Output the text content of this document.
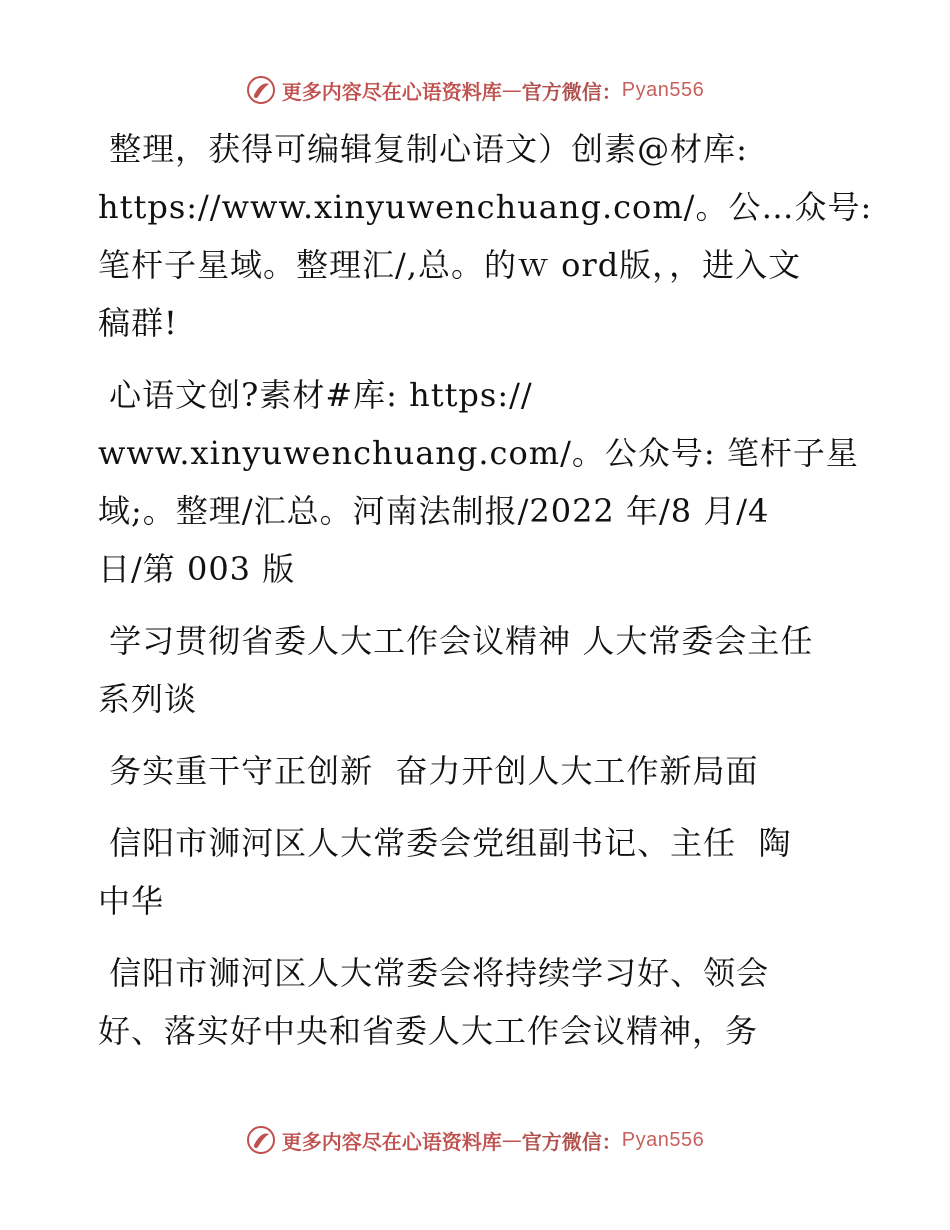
更多内容尽在心语资料库 — 官方微信： Pyan556

整理，获得可编辑复制心语文）创素@材库:
https://www.xinyuwenchuang.com/。公…众号:
笔杆子星域。整理汇/,总。的ｗ ord版，，进入文
稿群!

心语文创?素材#库: https://
www.xinyuwenchuang.com/。公众号: 笔杆子星
域;。整理/汇总。河南法制报/2022 年/8 月/4
日/第 003 版

学习贯彻省委人大工作会议精神 人大常委会主任
系列谈

务实重干守正创新  奋力开创人大工作新局面

信阳市浉河区人大常委会党组副书记、主任  陶
中华

信阳市浉河区人大常委会将持续学习好、领会
好、落实好中央和省委人大工作会议精神，务

更多内容尽在心语资料库 — 官方微信： Pyan556
